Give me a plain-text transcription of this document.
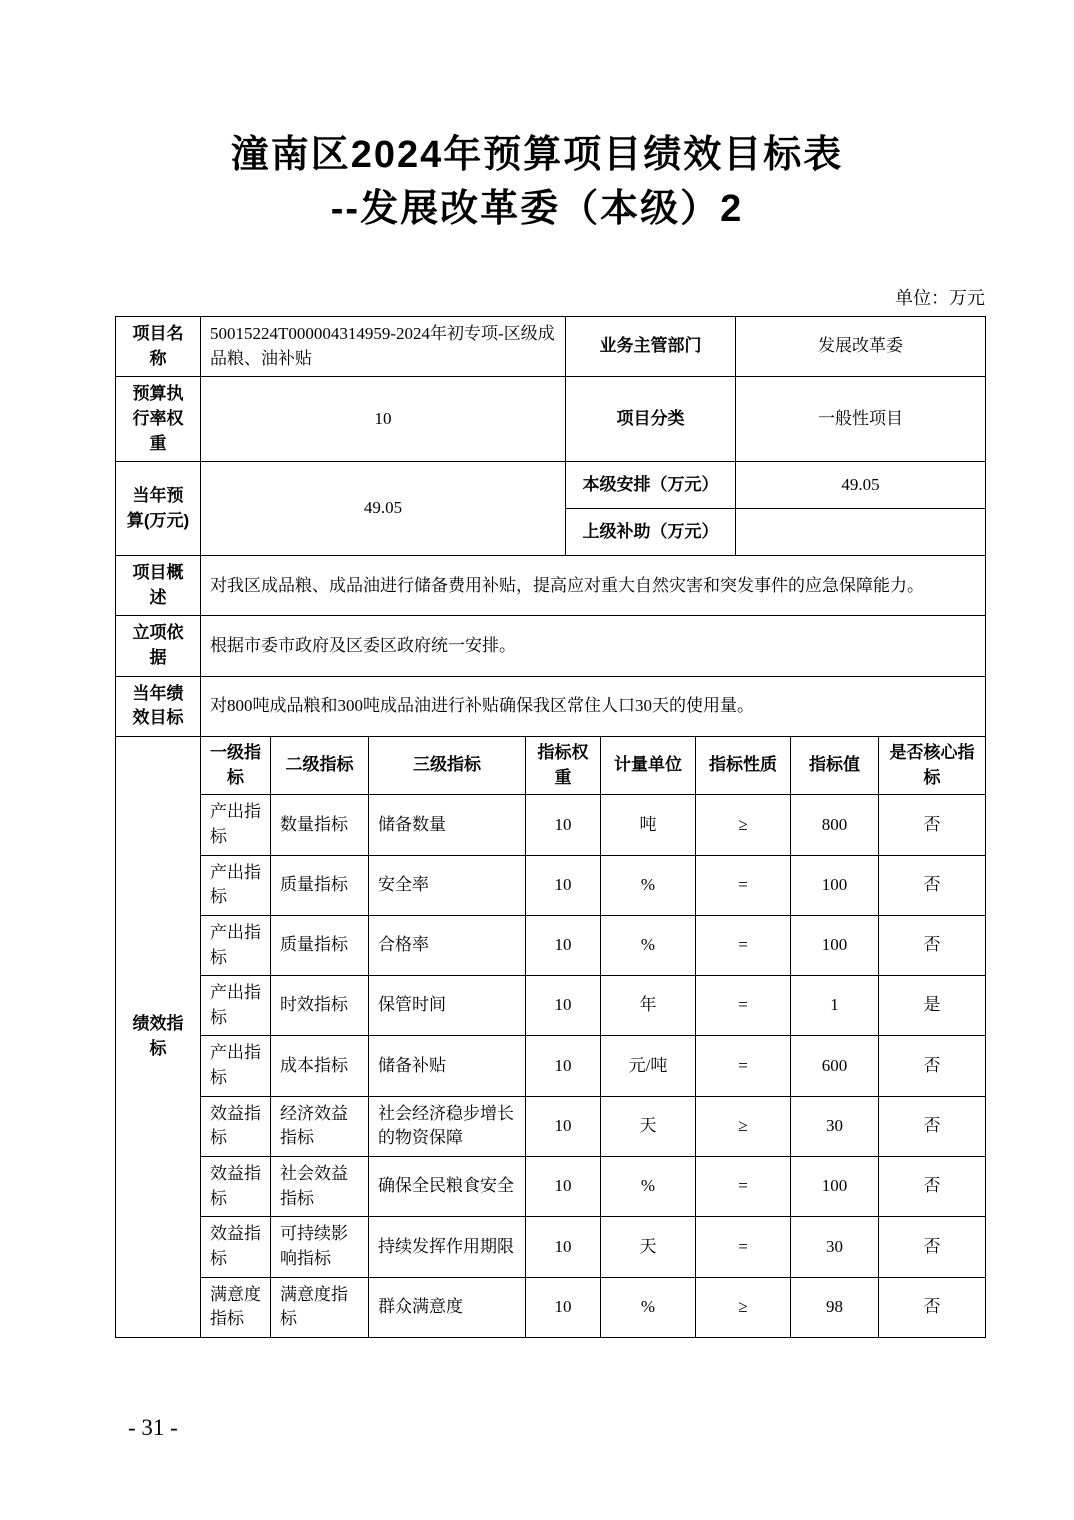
潼南区2024年预算项目绩效目标表
--发展改革委（本级）2
单位：万元
项目名称	50015224T000004314959-2024年初专项-区级成品粮、油补贴	业务主管部门	发展改革委
预算执行率权重	10	项目分类	一般性项目
当年预算(万元)	49.05	本级安排（万元）	49.05
		上级补助（万元）	
项目概述	对我区成品粮、成品油进行储备费用补贴，提高应对重大自然灾害和突发事件的应急保障能力。		
立项依据	根据市委市政府及区委区政府统一安排。		
当年绩效目标	对800吨成品粮和300吨成品油进行补贴确保我区常住人口30天的使用量。		
绩效指标	一级指标	二级指标	三级指标	指标权重	计量单位	指标性质	指标值	是否核心指标
	产出指标	数量指标	储备数量	10	吨	≥	800	否
	产出指标	质量指标	安全率	10	%	=	100	否
	产出指标	质量指标	合格率	10	%	=	100	否
	产出指标	时效指标	保管时间	10	年	=	1	是
	产出指标	成本指标	储备补贴	10	元/吨	=	600	否
	效益指标	经济效益指标	社会经济稳步增长的物资保障	10	天	≥	30	否
	效益指标	社会效益指标	确保全民粮食安全	10	%	=	100	否
	效益指标	可持续影响指标	持续发挥作用期限	10	天	=	30	否
	满意度指标	满意度指标	群众满意度	10	%	≥	98	否
- 31 -
